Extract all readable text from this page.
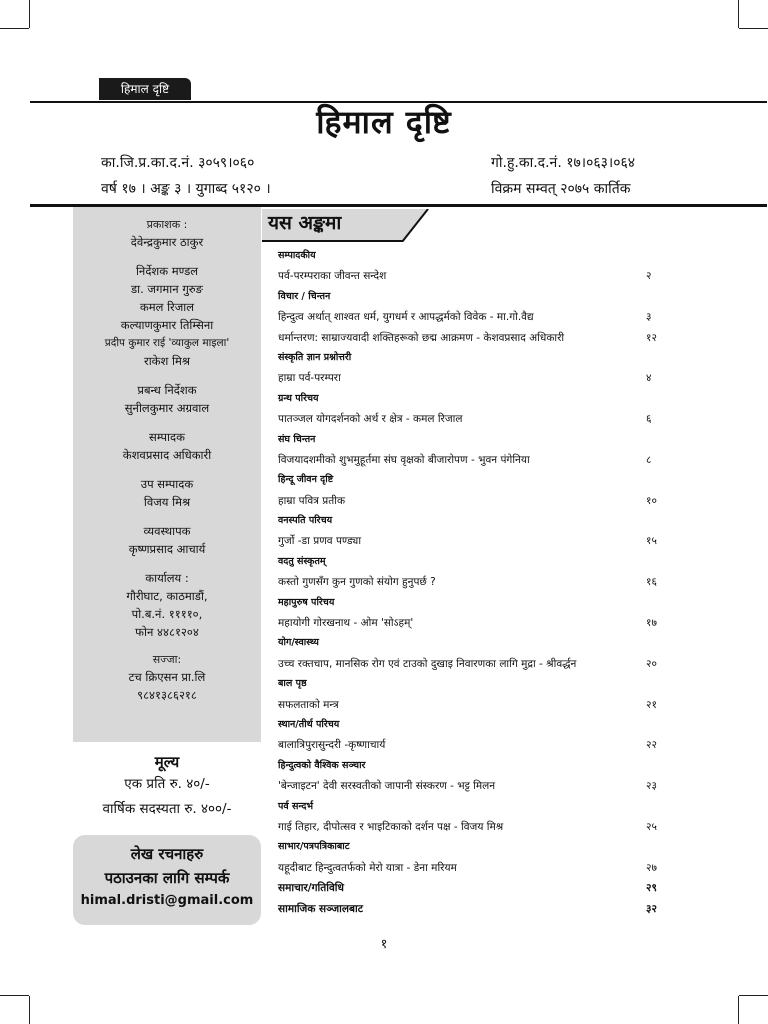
हिमाल दृष्टि
हिमाल दृष्टि
का.जि.प्र.का.द.नं. ३०५९।०६०
वर्ष १७ । अङ्क ३ । युगाब्द ५१२० ।
गो.हु.का.द.नं. १७।०६३।०६४
विक्रम सम्वत् २०७५ कार्तिक
प्रकाशक :
देवेन्द्रकुमार ठाकुर
निर्देशक मण्डल
डा. जगमान गुरुङ
कमल रिजाल
कल्याणकुमार तिम्सिना
प्रदीप कुमार राई 'व्याकुल माइला'
राकेश मिश्र
प्रबन्ध निर्देशक
सुनीलकुमार अग्रवाल
सम्पादक
केशवप्रसाद अधिकारी
उप सम्पादक
विजय मिश्र
व्यवस्थापक
कृष्णप्रसाद आचार्य
कार्यालय :
गौरीघाट, काठमाडौं,
पो.ब.नं. ११११०,
फोन ४४८१२०४
सज्जा:
टच क्रिएसन प्रा.लि
९८४१३८६२१८
मूल्य
एक प्रति रु. ४०/-
वार्षिक सदस्यता रु. ४००/-
लेख रचनाहरु
पठाउनका लागि सम्पर्क
himal.dristi@gmail.com
यस अङ्कमा
सम्पादकीय
पर्व-परम्पराका जीवन्त सन्देश	२
विचार / चिन्तन
हिन्दुत्व अर्थात् शाश्वत धर्म, युगधर्म र आपद्धर्मको विवेक - मा.गो.वैद्य	३
धर्मान्तरण: साम्राज्यवादी शक्तिहरूको छद्म आक्रमण - केशवप्रसाद अधिकारी	१२
संस्कृति ज्ञान प्रश्नोत्तरी
हाम्रा पर्व-परम्परा	४
ग्रन्थ परिचय
पातञ्जल योगदर्शनको अर्थ र क्षेत्र - कमल रिजाल	६
संघ चिन्तन
विजयादशमीको शुभमुहूर्तमा संघ वृक्षको बीजारोपण - भुवन पंगेनिया	८
हिन्दू जीवन दृष्टि
हाम्रा पवित्र प्रतीक	१०
वनस्पति परिचय
गुर्जो -डा प्रणव पण्ड्या	१५
वदतु संस्कृतम्
कस्तो गुणसँग कुन गुणको संयोग हुनुपर्छ ?	१६
महापुरुष परिचय
महायोगी गोरखनाथ - ओम 'सोऽहम्'	१७
योग/स्वास्थ्य
उच्च रक्तचाप, मानसिक रोग एवं टाउको दुखाइ निवारणका लागि मुद्रा - श्रीवर्द्धन	२०
बाल पृष्ठ
सफलताको मन्त्र	२१
स्थान/तीर्थ परिचय
बालात्रिपुरासुन्दरी -कृष्णाचार्य	२२
हिन्दुत्वको वैश्विक सञ्चार
'बेन्जाइटन' देवी सरस्वतीको जापानी संस्करण - भट्ट मिलन	२३
पर्व सन्दर्भ
गाई तिहार, दीपोत्सव र भाइटिकाको दर्शन पक्ष - विजय मिश्र	२५
साभार/पत्रपत्रिकाबाट
यहूदीबाट हिन्दुत्वतर्फको मेरो यात्रा - डेना मरियम	२७
समाचार/गतिविधि	२९
सामाजिक सञ्जालबाट	३२
१
